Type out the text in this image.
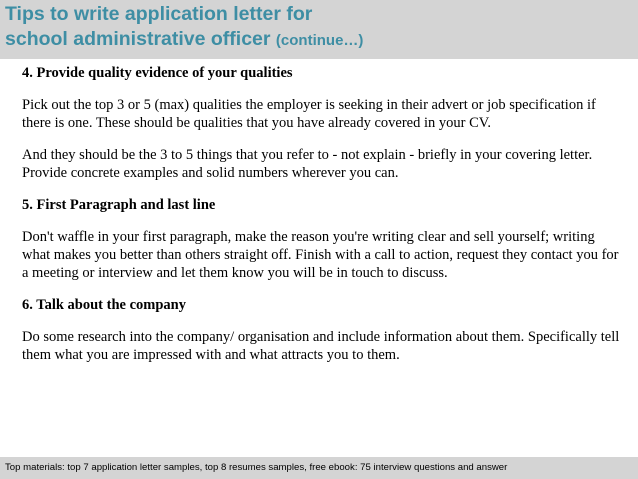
Tips to write application letter for
school administrative officer (continue…)

4. Provide quality evidence of your qualities

Pick out the top 3 or 5 (max) qualities the employer is seeking in their advert or job specification if there is one. These should be qualities that you have already covered in your CV.

And they should be the 3 to 5 things that you refer to - not explain - briefly in your covering letter. Provide concrete examples and solid numbers wherever you can.

5. First Paragraph and last line

Don't waffle in your first paragraph, make the reason you're writing clear and sell yourself; writing what makes you better than others straight off. Finish with a call to action, request they contact you for a meeting or interview and let them know you will be in touch to discuss.

6. Talk about the company

Do some research into the company/ organisation and include information about them. Specifically tell them what you are impressed with and what attracts you to them.

Top materials: top 7 application letter samples, top 8 resumes samples, free ebook: 75 interview questions and answer
